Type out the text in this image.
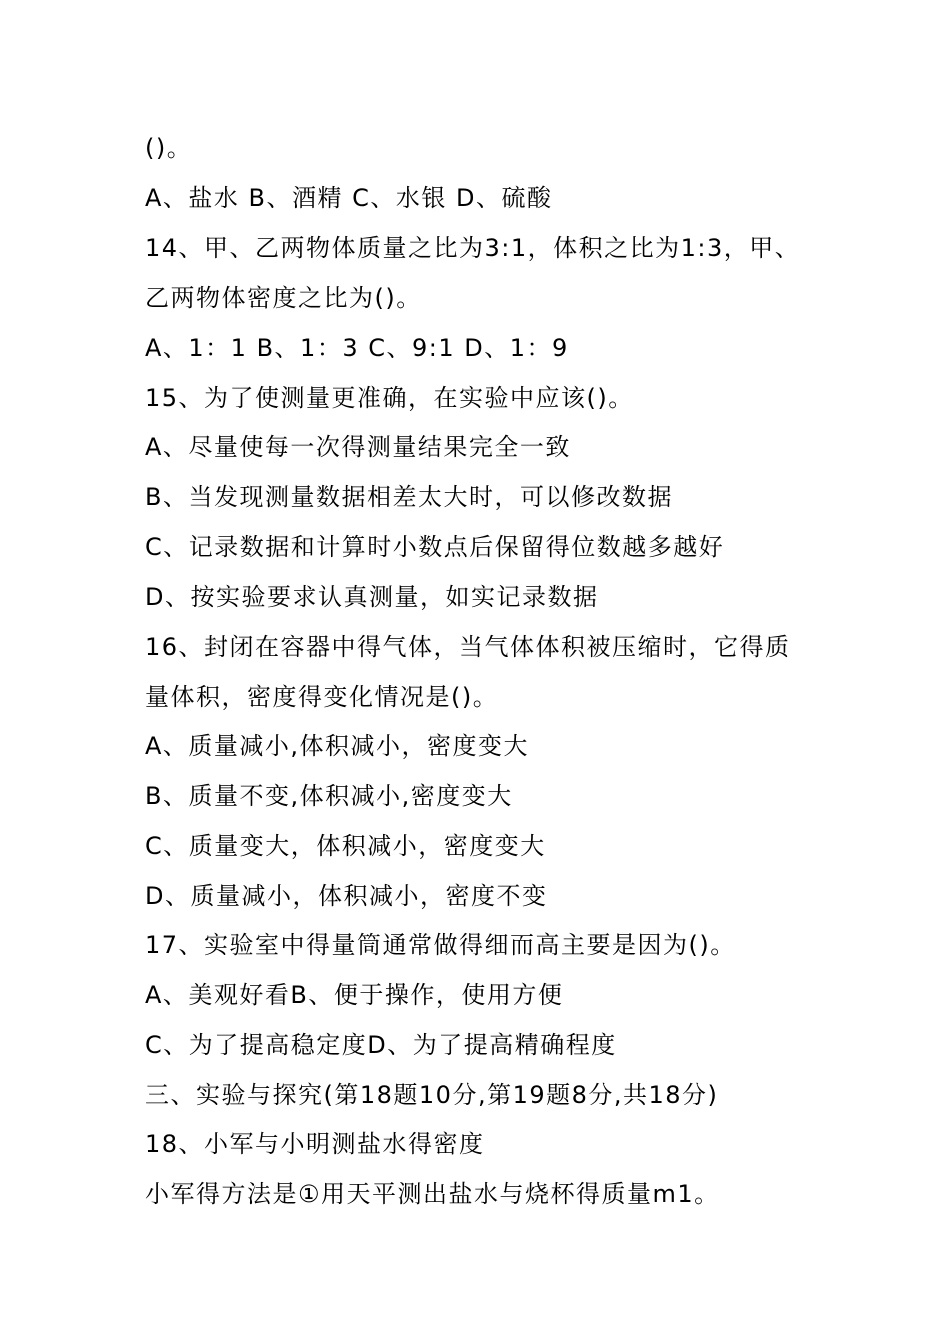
()。
A、盐水 B、酒精 C、水银 D、硫酸
14、甲、乙两物体质量之比为3:1，体积之比为1:3，甲、
乙两物体密度之比为()。
A、1：1 B、1：3 C、9:1 D、1：9
15、为了使测量更准确，在实验中应该()。
A、尽量使每一次得测量结果完全一致
B、当发现测量数据相差太大时，可以修改数据
C、记录数据和计算时小数点后保留得位数越多越好
D、按实验要求认真测量，如实记录数据
16、封闭在容器中得气体，当气体体积被压缩时，它得质
量体积，密度得变化情况是()。
A、质量减小,体积减小，密度变大
B、质量不变,体积减小,密度变大
C、质量变大，体积减小，密度变大
D、质量减小，体积减小，密度不变
17、实验室中得量筒通常做得细而高主要是因为()。
A、美观好看B、便于操作，使用方便
C、为了提高稳定度D、为了提高精确程度
三、实验与探究(第18题10分,第19题8分,共18分)
18、小军与小明测盐水得密度
小军得方法是①用天平测出盐水与烧杯得质量m1。
